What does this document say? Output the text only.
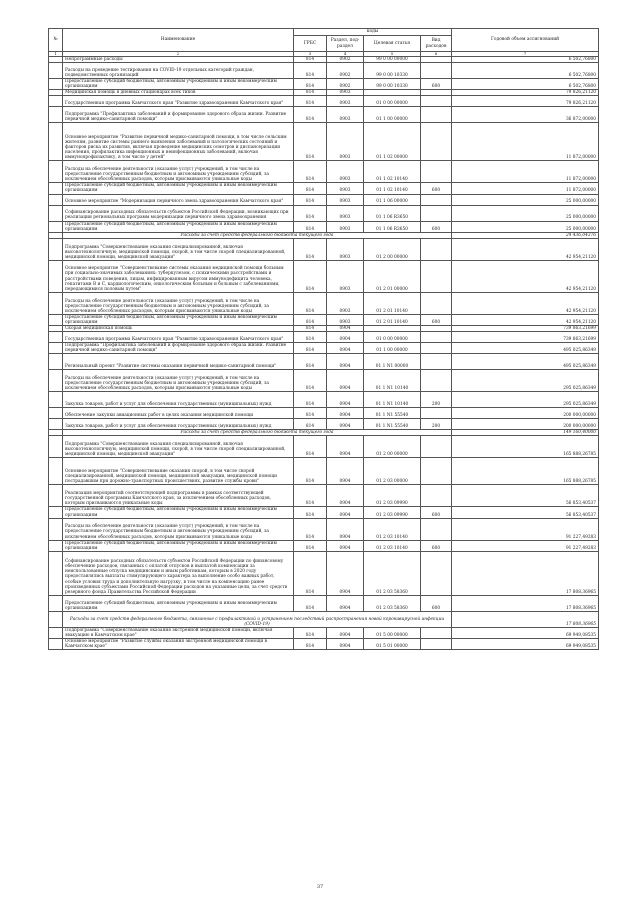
№	Наименование	коды				Годовой объем ассигнований
		ГРБС	Раздел, под-раздел	Целевая статья	Вид расходов	
1	2	3	4	5	6	7
	Непрограммные расходы	814	0902	99 0 00 00000		6 502,76800
	Расходы на проведение тестирования на COVID-19 отдельных категорий граждан, подведомственных организаций	814	0902	99 0 00 10330		6 502,76800
	Предоставление субсидий бюджетным, автономным учреждениям и иным некоммерческим организациям	814	0902	99 0 00 10330	600	6 502,76800
	Медицинская помощь в дневных стационарах всех типов	814	0903			79 826,21120
	Государственная программа Камчатского края "Развитие здравоохранения Камчатского края"	814	0903	01 0 00 00000		79 826,21120
	Подпрограмма "Профилактика заболеваний и формирование здорового образа жизни. Развитие первичной медико-санитарной помощи"	814	0903	01 1 00 00000		36 872,00000
	Основное мероприятие "Развитие первичной медико-санитарной помощи, в том числе сельским жителям, развитие системы раннего выявления заболеваний и патологических состояний и факторов риска их развития, включая проведение медицинских осмотров и диспансеризации населения, профилактика инфекционных и неинфекционных заболеваний, включая иммунопрофилактику, в том числе у детей"	814	0903	01 1 02 00000		11 872,00000
	Расходы на обеспечение деятельности (оказание услуг) учреждений, в том числе на предоставление государственным бюджетным и автономным учреждениям субсидий, за исключением обособленных расходов, которым присваиваются уникальные коды	814	0903	01 1 02 10140		11 872,00000
	Предоставление субсидий бюджетным, автономным учреждениям и иным некоммерческим организациям	814	0903	01 1 02 10140	600	11 872,00000
	Основное мероприятие "Модернизация первичного звена здравоохранения Камчатского края"	814	0903	01 1 06 00000		25 000,00000
	Софинансирование расходных обязательств субъектов Российской Федерации, возникающих при реализации региональных программ модернизации первичного звена здравоохранения	814	0903	01 1 06 R3650		25 000,00000
	Предоставление субсидий бюджетным, автономным учреждениям и иным некоммерческим организациям	814	0903	01 1 06 R3650	600	25 000,00000
	Расходы за счет средств федерального бюджета текущего года					24 436,04376
	Подпрограмма "Совершенствование оказания специализированной, включая высокотехнологичную, медицинской помощи, скорой, в том числе скорой специализированной, медицинской помощи, медицинской эвакуации"	814	0903	01 2 00 00000		42 954,21120
	Основное мероприятие "Совершенствование системы оказания медицинской помощи больным при социально-значимых заболеваниях: туберкулезом, с психическими расстройствами и расстройствами поведения, лицам, инфицированным вирусом иммунодефицита человека, гепатитами B и C, кардиологическим, онкологическим больным и больным с заболеваниями, передающимися половым путем"	814	0903	01 2 01 00000		42 954,21120
	Расходы на обеспечение деятельности (оказание услуг) учреждений, в том числе на предоставление государственным бюджетным и автономным учреждениям субсидий, за исключением обособленных расходов, которым присваиваются уникальные коды	814	0903	01 2 01 10140		42 954,21120
	Предоставление субсидий бюджетным, автономным учреждениям и иным некоммерческим организациям	814	0903	01 2 01 10140	600	42 954,21120
	Скорая медицинская помощь	814	0904			739 863,21699
	Государственная программа Камчатского края "Развитие здравоохранения Камчатского края"	814	0904	01 0 00 00000		739 863,21699
	Подпрограмма "Профилактика заболеваний и формирование здорового образа жизни. Развитие первичной медико-санитарной помощи"	814	0904	01 1 00 00000		495 025,86349
	Региональный проект "Развитие системы оказания первичной медико-санитарной помощи"	814	0904	01 1 N1 00000		495 025,86349
	Расходы на обеспечение деятельности (оказание услуг) учреждений, в том числе на предоставление государственным бюджетным и автономным учреждениям субсидий, за исключением обособленных расходов, которым присваиваются уникальные коды	814	0904	01 1 N1 10140		295 025,86349
	Закупка товаров, работ и услуг для обеспечения государственных (муниципальных) нужд	814	0904	01 1 N1 10140	200	295 025,86349
	Обеспечение закупки авиационных работ в целях оказания медицинской помощи	814	0904	01 1 N1 55540		200 000,00000
	Закупка товаров, работ и услуг для обеспечения государственных (муниципальных) нужд	814	0904	01 1 N1 55540	200	200 000,00000
	Расходы за счет средств федерального бюджета текущего года					149 160,40000
	Подпрограмма "Совершенствование оказания специализированной, включая высокотехнологичную, медицинской помощи, скорой, в том числе скорой специализированной, медицинской помощи, медицинской эвакуации"	814	0904	01 2 00 00000		165 888,26785
	Основное мероприятие "Совершенствование оказания скорой, в том числе скорой специализированной, медицинской помощи, медицинской эвакуации, медицинской помощи пострадавшим при дорожно-транспортных происшествиях, развитие службы крови"	814	0904	01 2 03 00000		165 888,26785
	Реализация мероприятий соответствующей подпрограммы в рамках соответствующей государственной программы Камчатского края, за исключением обособленных расходов, которым присваиваются уникальные коды	814	0904	01 2 03 09990		56 853,40537
	Предоставление субсидий бюджетным, автономным учреждениям и иным некоммерческим организациям	814	0904	01 2 03 09990	600	56 853,40537
	Расходы на обеспечение деятельности (оказание услуг) учреждений, в том числе на предоставление государственным бюджетным и автономным учреждениям субсидий, за исключением обособленных расходов, которым присваиваются уникальные коды	814	0904	01 2 03 10140		91 227,49283
	Предоставление субсидий бюджетным, автономным учреждениям и иным некоммерческим организациям	814	0904	01 2 03 10140	600	91 227,49283
	Софинансирование расходных обязательств субъектов Российской Федерации по финансовому обеспечению расходов, связанных с оплатой отпусков и выплатой компенсации за неиспользованные отпуска медицинским и иным работникам, которым в 2020 году предоставлялись выплаты стимулирующего характера за выполнение особо важных работ, особые условия труда и дополнительную нагрузку, в том числе на компенсацию ранее произведенных субъектами Российской Федерации расходов на указанные цели, за счет средств резервного фонда Правительства Российской Федерации	814	0904	01 2 03 58360		17 808,36965
	Предоставление субсидий бюджетным, автономным учреждениям и иным некоммерческим организациям	814	0904	01 2 03 58360	600	17 808,36965
	Расходы за счет средств федерального бюджета, связанные с профилактикой и устранением последствий распространения новой коронавирусной инфекции (COVID-19)					17 808,36965
	Подпрограмма "Совершенствование оказания экстренной медицинской помощи, включая эвакуацию в Камчатском крае"	814	0904	01 5 00 00000		69 949,08535
	Основное мероприятие "Развитие службы оказания экстренной медицинской помощи в Камчатском крае"	814	0904	01 5 01 00000		69 949,08535
37
